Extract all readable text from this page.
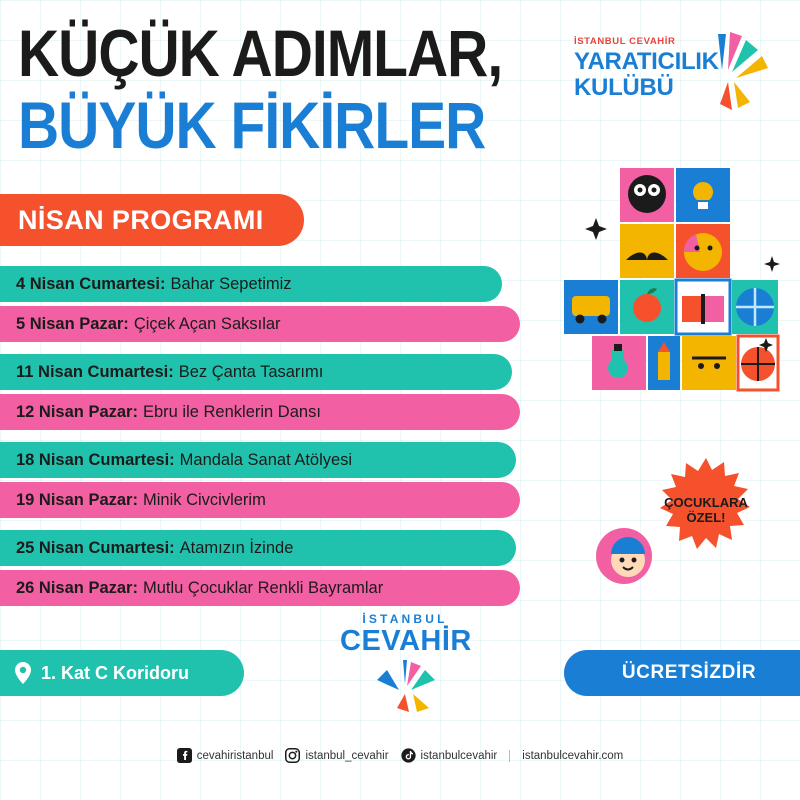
KÜÇÜK ADIMLAR,
BÜYÜK FİKİRLER
İSTANBUL CEVAHİR
YARATICILIK
KULÜBÜ
NİSAN PROGRAMI
4 Nisan Cumartesi: Bahar Sepetimiz
5 Nisan Pazar: Çiçek Açan Saksılar
11 Nisan Cumartesi: Bez Çanta Tasarımı
12 Nisan Pazar: Ebru ile Renklerin Dansı
18 Nisan Cumartesi: Mandala Sanat Atölyesi
19 Nisan Pazar: Minik Civcivlerim
25 Nisan Cumartesi: Atamızın İzinde
26 Nisan Pazar: Mutlu Çocuklar Renkli Bayramlar
ÇOCUKLARA
ÖZEL!
1. Kat C Koridoru
İSTANBUL
CEVAHİR
ÜCRETSİZDİR
cevahiristanbul	istanbul_cevahir	istanbulcevahir	istanbulcevahir.com
